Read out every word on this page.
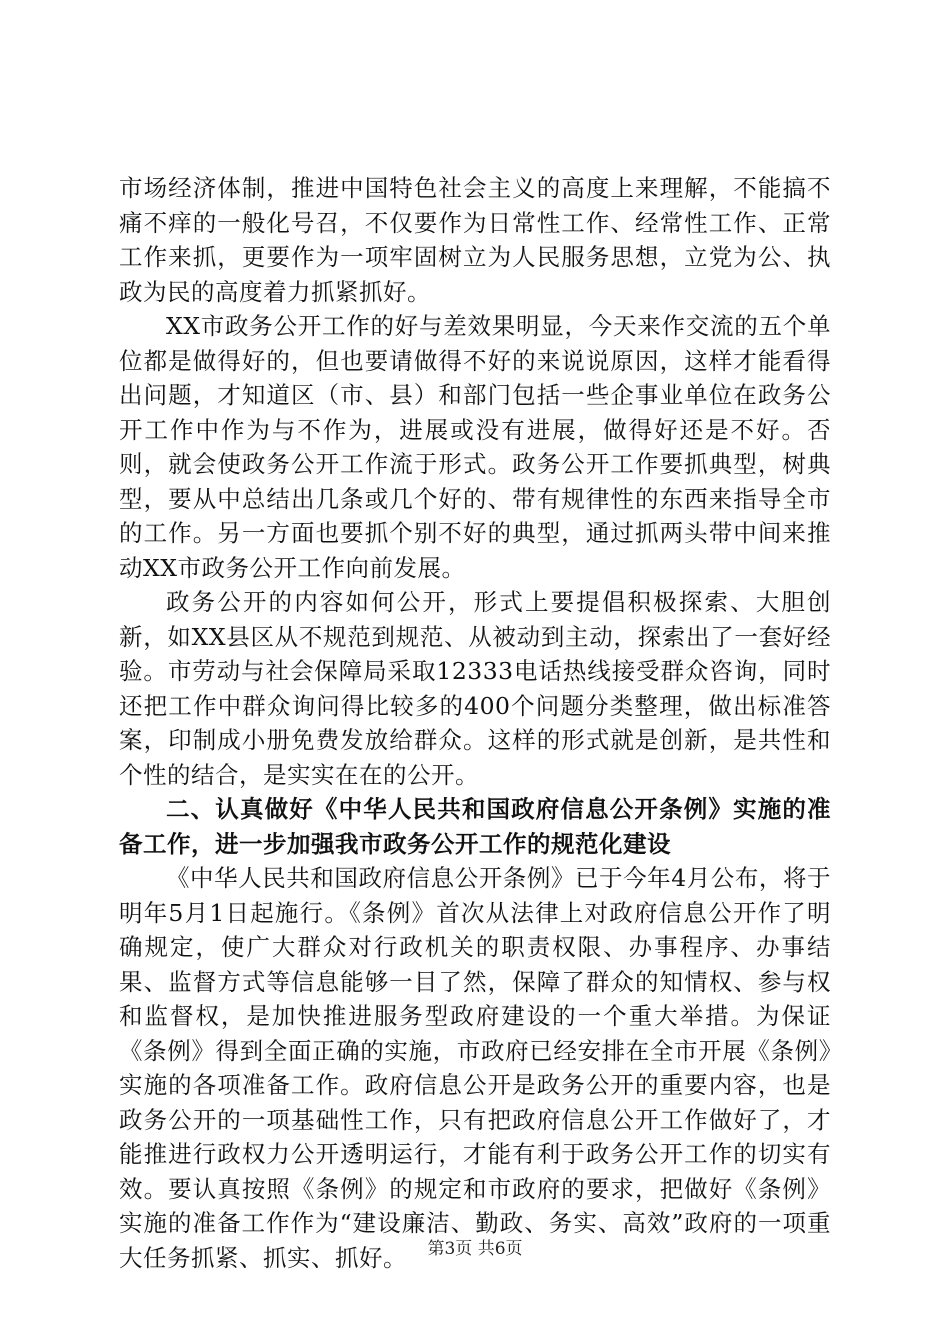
市场经济体制，推进中国特色社会主义的高度上来理解，不能搞不痛不痒的一般化号召，不仅要作为日常性工作、经常性工作、正常工作来抓，更要作为一项牢固树立为人民服务思想，立党为公、执政为民的高度着力抓紧抓好。

XX市政务公开工作的好与差效果明显，今天来作交流的五个单位都是做得好的，但也要请做得不好的来说说原因，这样才能看得出问题，才知道区（市、县）和部门包括一些企事业单位在政务公开工作中作为与不作为，进展或没有进展，做得好还是不好。否则，就会使政务公开工作流于形式。政务公开工作要抓典型，树典型，要从中总结出几条或几个好的、带有规律性的东西来指导全市的工作。另一方面也要抓个别不好的典型，通过抓两头带中间来推动XX市政务公开工作向前发展。

政务公开的内容如何公开，形式上要提倡积极探索、大胆创新，如XX县区从不规范到规范、从被动到主动，探索出了一套好经验。市劳动与社会保障局采取12333电话热线接受群众咨询，同时还把工作中群众询问得比较多的400个问题分类整理，做出标准答案，印制成小册免费发放给群众。这样的形式就是创新，是共性和个性的结合，是实实在在的公开。

二、认真做好《中华人民共和国政府信息公开条例》实施的准备工作，进一步加强我市政务公开工作的规范化建设

《中华人民共和国政府信息公开条例》已于今年4月公布，将于明年5月1日起施行。《条例》首次从法律上对政府信息公开作了明确规定，使广大群众对行政机关的职责权限、办事程序、办事结果、监督方式等信息能够一目了然，保障了群众的知情权、参与权和监督权，是加快推进服务型政府建设的一个重大举措。为保证《条例》得到全面正确的实施，市政府已经安排在全市开展《条例》实施的各项准备工作。政府信息公开是政务公开的重要内容，也是政务公开的一项基础性工作，只有把政府信息公开工作做好了，才能推进行政权力公开透明运行，才能有利于政务公开工作的切实有效。要认真按照《条例》的规定和市政府的要求，把做好《条例》实施的准备工作作为“建设廉洁、勤政、务实、高效”政府的一项重大任务抓紧、抓实、抓好。	第3页 共6页
